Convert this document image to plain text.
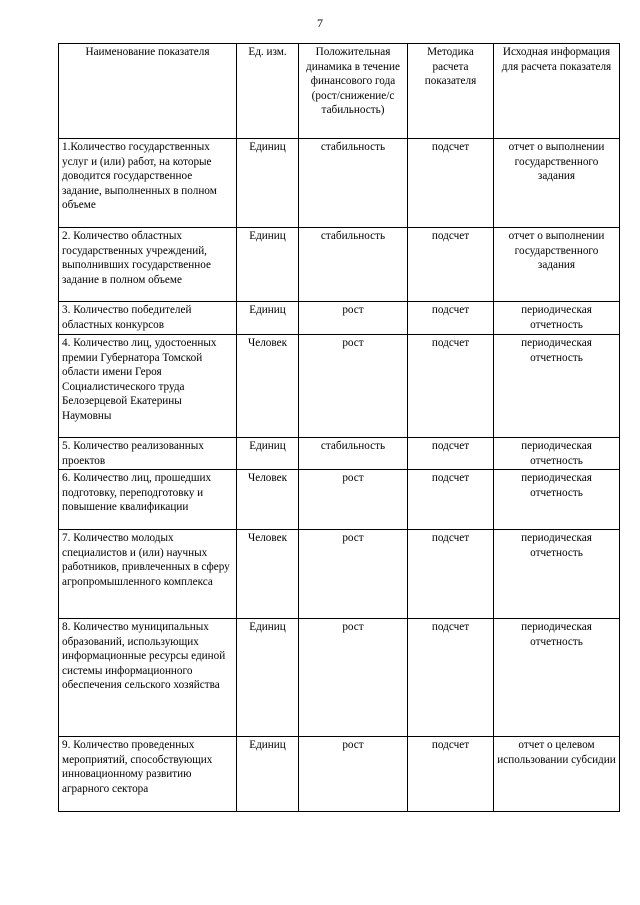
7
Наименование показателя	Ед. изм.	Положительная динамика в течение финансового года (рост/снижение/с табильность)	Методика расчета показателя	Исходная информация для расчета показателя
1.Количество государственных услуг и (или) работ, на которые доводится государственное задание, выполненных в полном объеме	Единиц	стабильность	подсчет	отчет о выполнении государственного задания
2. Количество областных государственных учреждений, выполнивших государственное задание в полном объеме	Единиц	стабильность	подсчет	отчет о выполнении государственного задания
3. Количество победителей областных конкурсов	Единиц	рост	подсчет	периодическая отчетность
4. Количество лиц, удостоенных премии Губернатора Томской области имени Героя Социалистического труда Белозерцевой Екатерины Наумовны	Человек	рост	подсчет	периодическая отчетность
5. Количество реализованных проектов	Единиц	стабильность	подсчет	периодическая отчетность
6. Количество лиц, прошедших подготовку, переподготовку и повышение квалификации	Человек	рост	подсчет	периодическая отчетность
7. Количество молодых специалистов и (или) научных работников, привлеченных в сферу агропромышленного комплекса	Человек	рост	подсчет	периодическая отчетность
8. Количество муниципальных образований, использующих информационные ресурсы единой системы информационного обеспечения сельского хозяйства	Единиц	рост	подсчет	периодическая отчетность
9. Количество проведенных мероприятий, способствующих инновационному развитию аграрного сектора	Единиц	рост	подсчет	отчет о целевом использовании субсидии
